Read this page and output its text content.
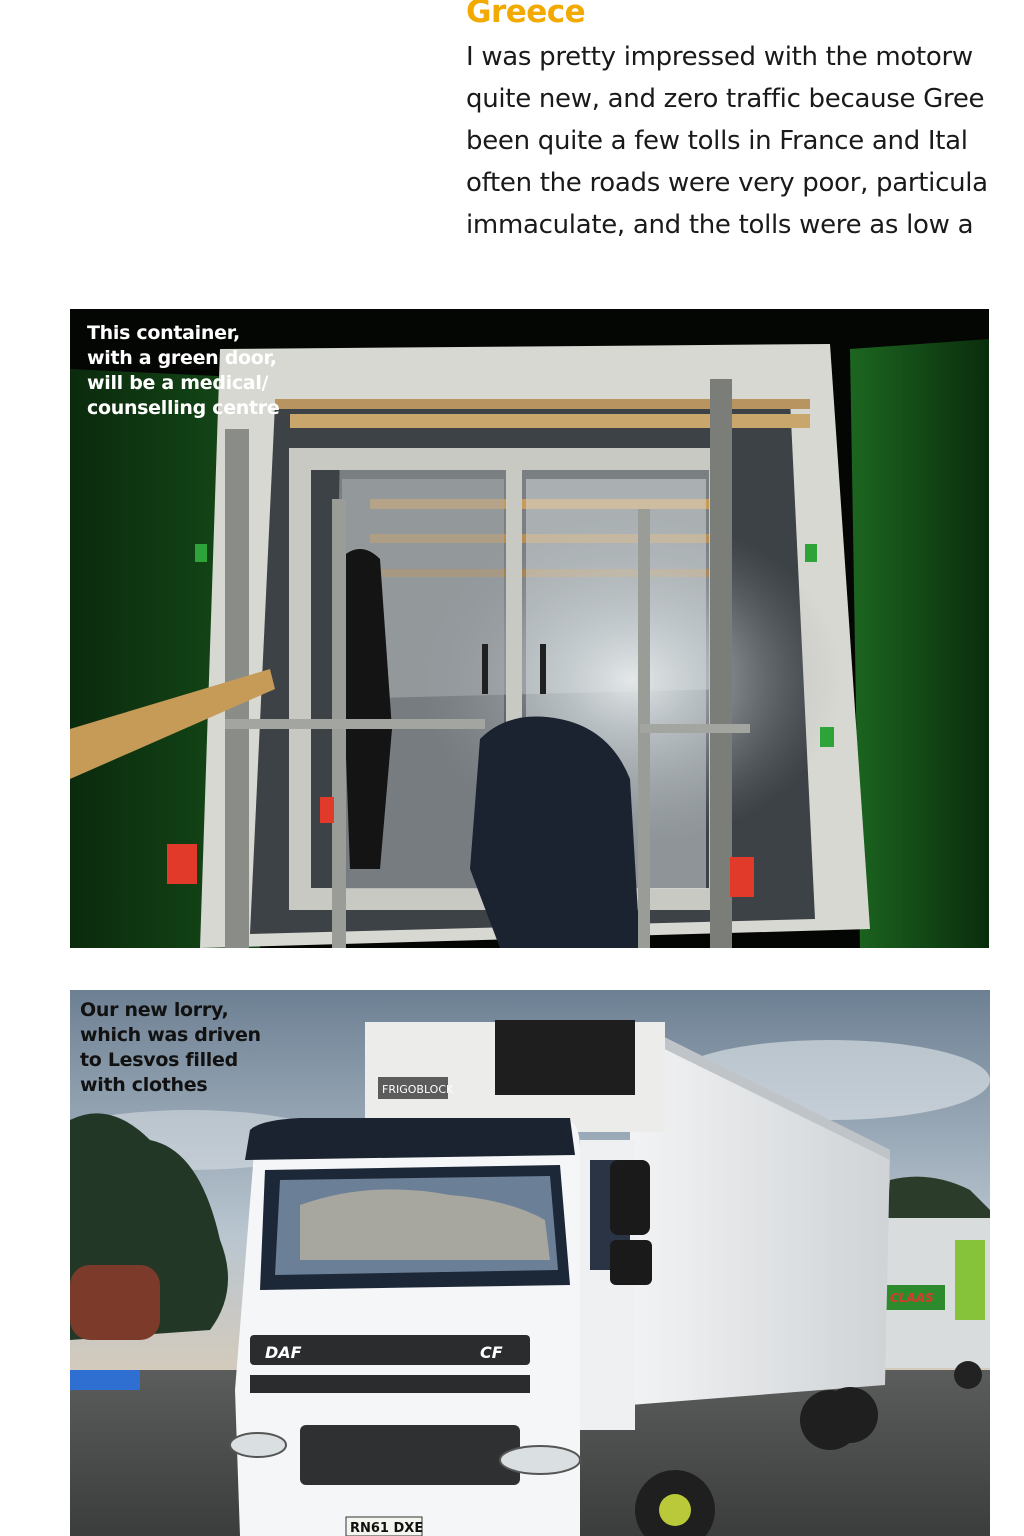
Greece
I was pretty impressed with the motorw
quite new, and zero traffic because Gree
been quite a few tolls in France and Ital
often the roads were very poor, particula
immaculate, and the tolls were as low a
This container,
with a green door,
will be a medical/
counselling centre
CLAAS
FRIGOBLOCK
DAF	CF
RN61 DXE
Our new lorry,
which was driven
to Lesvos filled
with clothes
